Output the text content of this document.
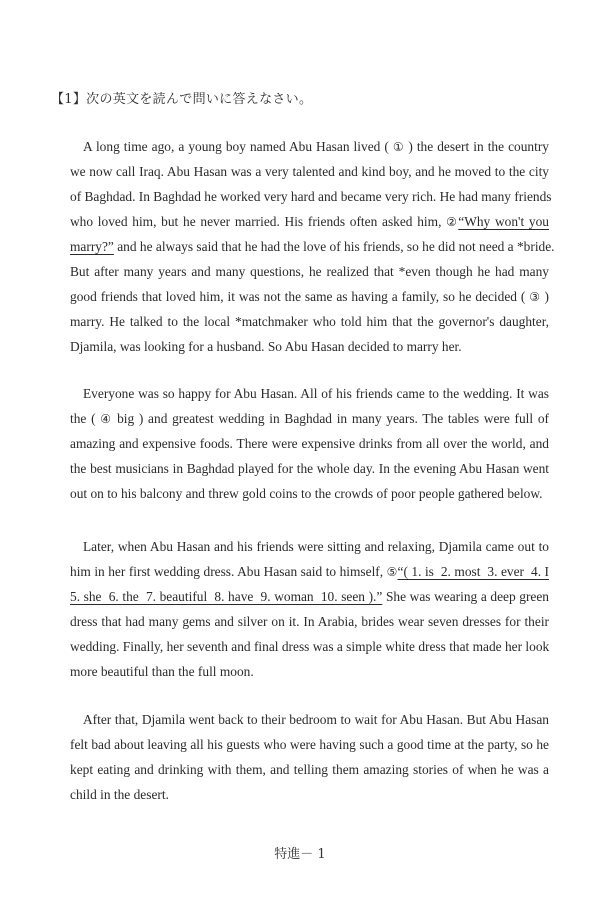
【1】次の英文を読んで問いに答えなさい。
A long time ago, a young boy named Abu Hasan lived ( ① ) the desert in the country
we now call Iraq. Abu Hasan was a very talented and kind boy, and he moved to the city
of Baghdad. In Baghdad he worked very hard and became very rich. He had many friends
who loved him, but he never married. His friends often asked him, ②“Why won't you
marry?” and he always said that he had the love of his friends, so he did not need a *bride.
But after many years and many questions, he realized that *even though he had many
good friends that loved him, it was not the same as having a family, so he decided ( ③ )
marry. He talked to the local *matchmaker who told him that the governor's daughter,
Djamila, was looking for a husband. So Abu Hasan decided to marry her.
Everyone was so happy for Abu Hasan. All of his friends came to the wedding. It was
the ( ④ big ) and greatest wedding in Baghdad in many years. The tables were full of
amazing and expensive foods. There were expensive drinks from all over the world, and
the best musicians in Baghdad played for the whole day. In the evening Abu Hasan went
out on to his balcony and threw gold coins to the crowds of poor people gathered below.
Later, when Abu Hasan and his friends were sitting and relaxing, Djamila came out to
him in her first wedding dress. Abu Hasan said to himself, ⑤“( 1. is  2. most  3. ever  4. I
5. she  6. the  7. beautiful  8. have  9. woman  10. seen ).” She was wearing a deep green
dress that had many gems and silver on it. In Arabia, brides wear seven dresses for their
wedding. Finally, her seventh and final dress was a simple white dress that made her look
more beautiful than the full moon.
After that, Djamila went back to their bedroom to wait for Abu Hasan. But Abu Hasan
felt bad about leaving all his guests who were having such a good time at the party, so he
kept eating and drinking with them, and telling them amazing stories of when he was a
child in the desert.
特進－ 1
